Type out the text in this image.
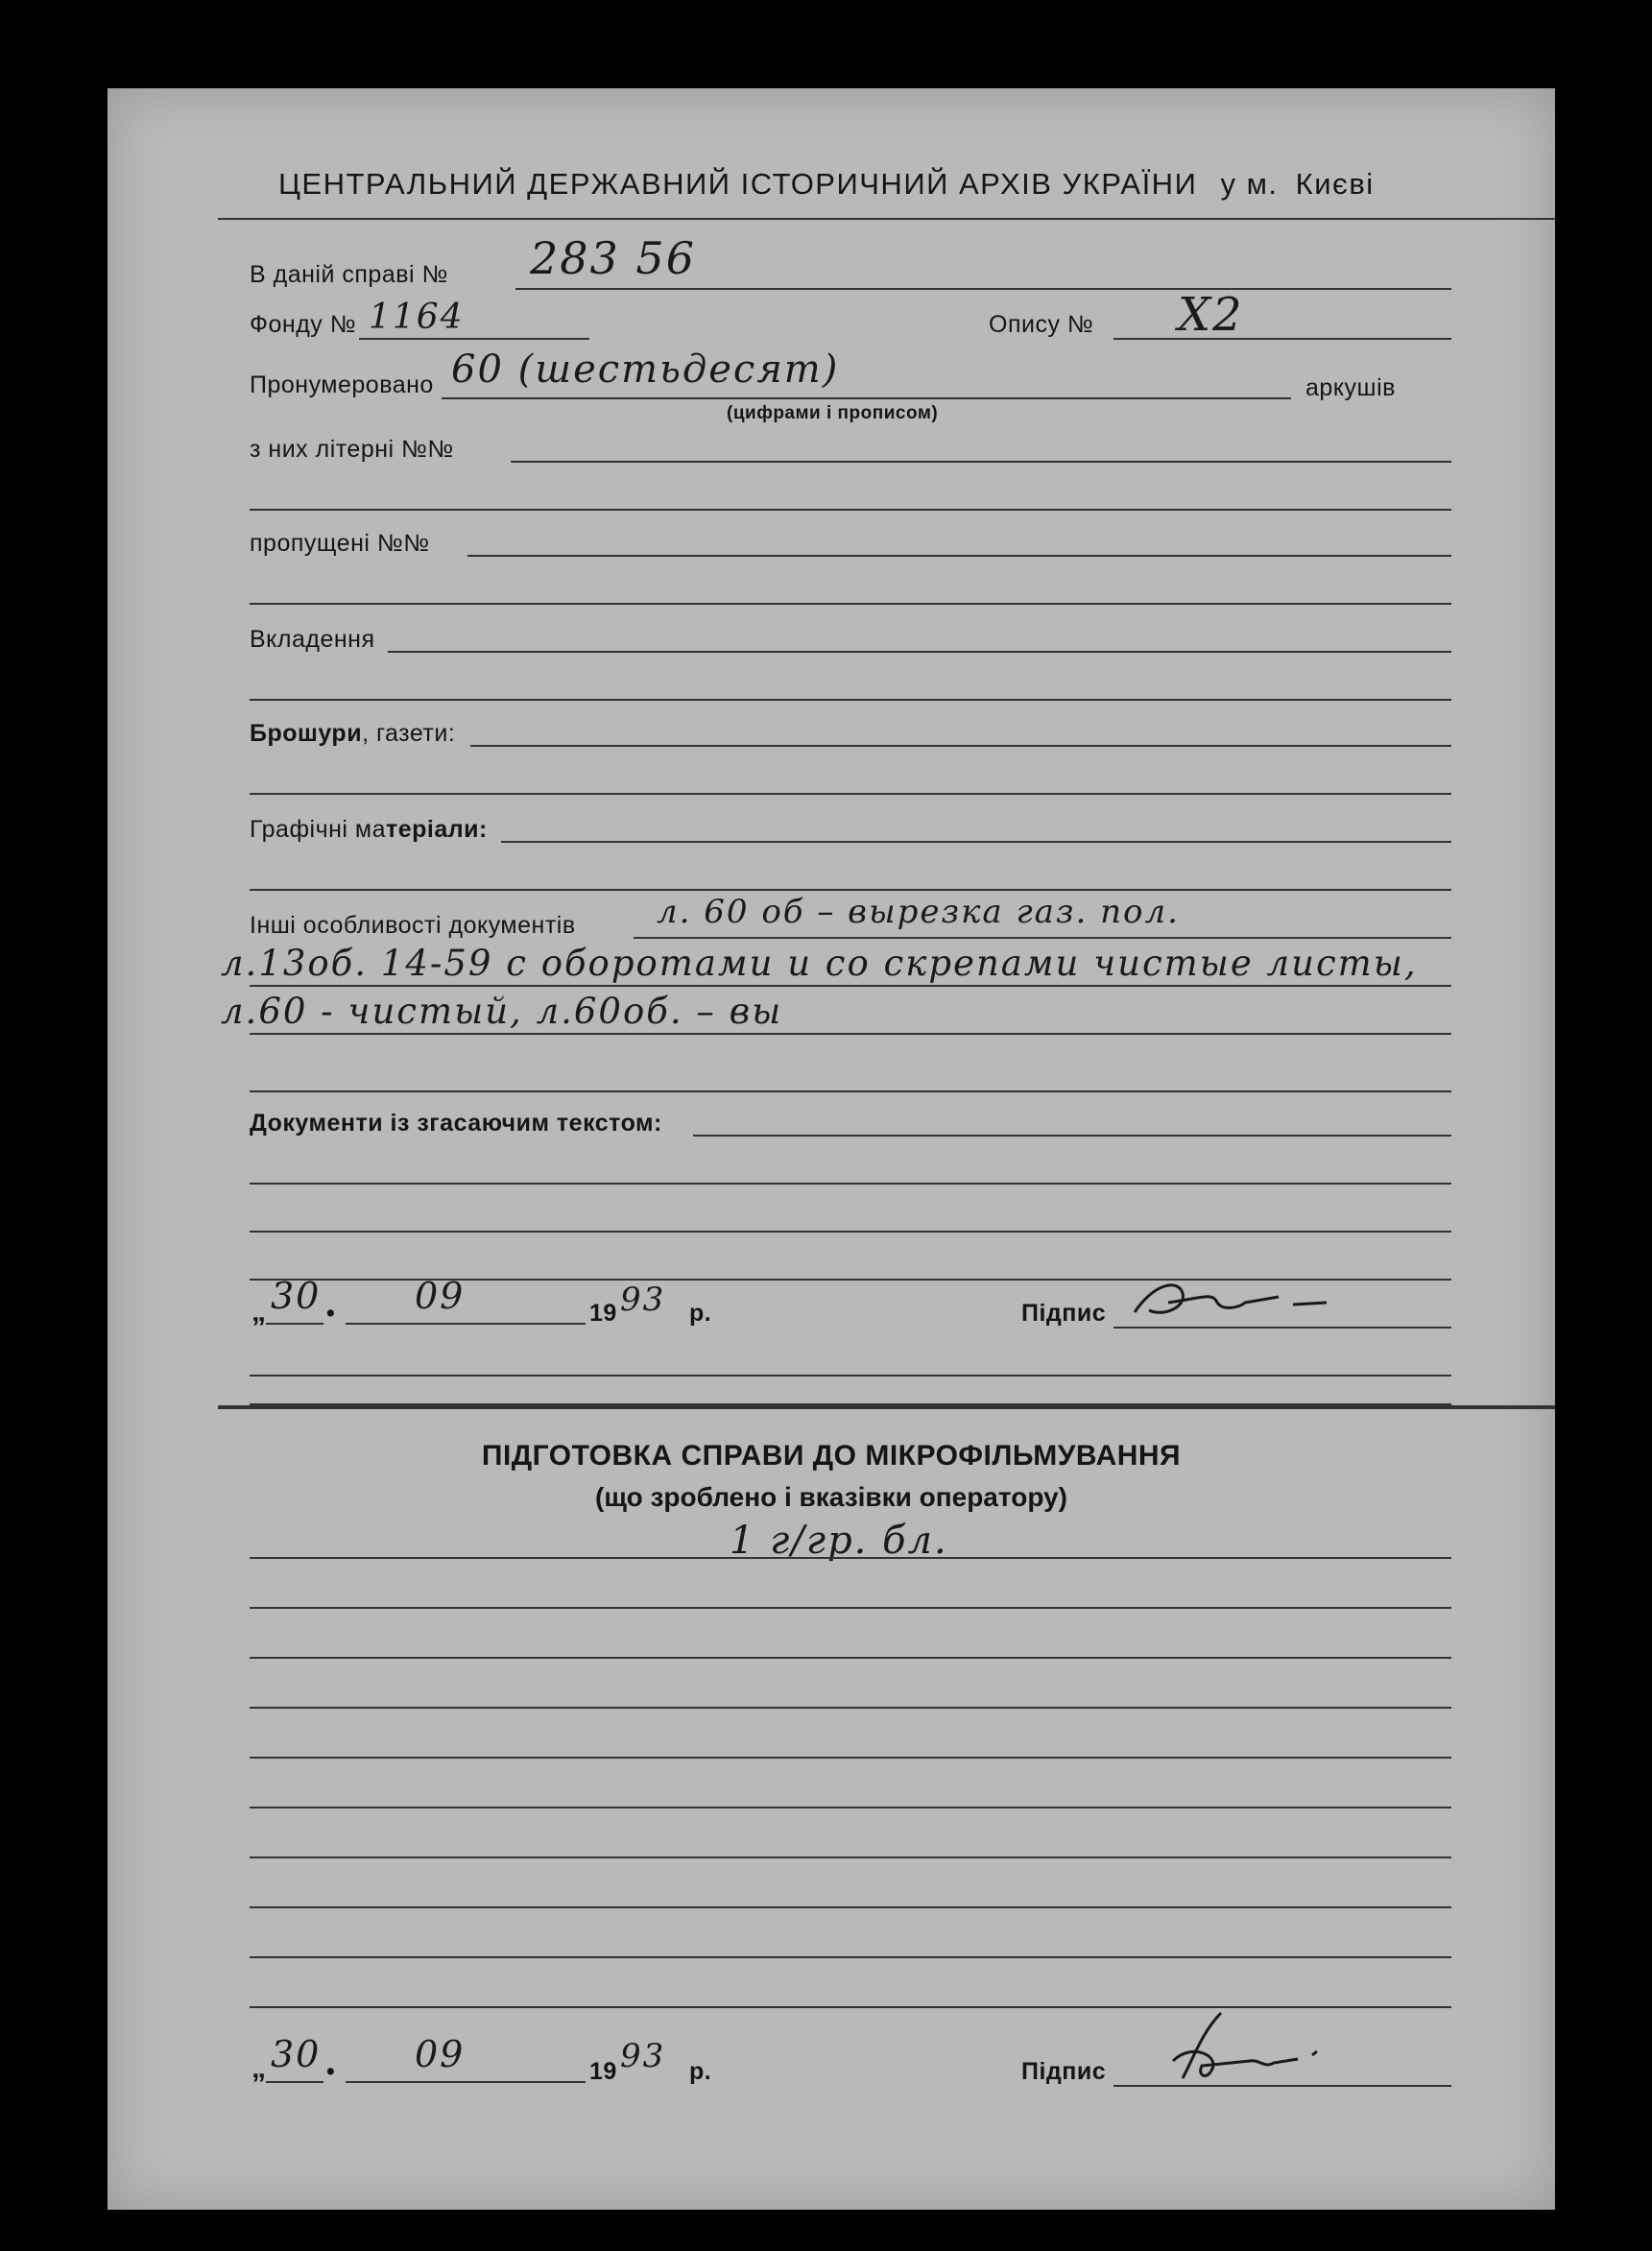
ЦЕНТРАЛЬНИЙ ДЕРЖАВНИЙ ІСТОРИЧНИЙ АРХІВ УКРАЇНИ у м. Києві
В даній справі № 283 56
Фонду № 1164	Опису № Х2
Пронумеровано 60 (шестьдесят)
(цифрами і прописом)
аркушів
з них літерні №№
пропущені №№
Вкладення
Брошури, газети:
Графічні матеріали:
Інші особливості документів л. 60 об – вырезка газ. пол.
л.13об. 14-59 с оборотами и со скрепами чистые листы,
л.60 - чистый, л.60об. – вы
Документи із згасаючим текстом:
„ 30 • 09	19 93 р.	Підпис
ПІДГОТОВКА СПРАВИ ДО МІКРОФІЛЬМУВАННЯ
(що зроблено і вказівки оператору)
1 г/гр. бл.
„ 30 • 09	19 93 р.	Підпис
